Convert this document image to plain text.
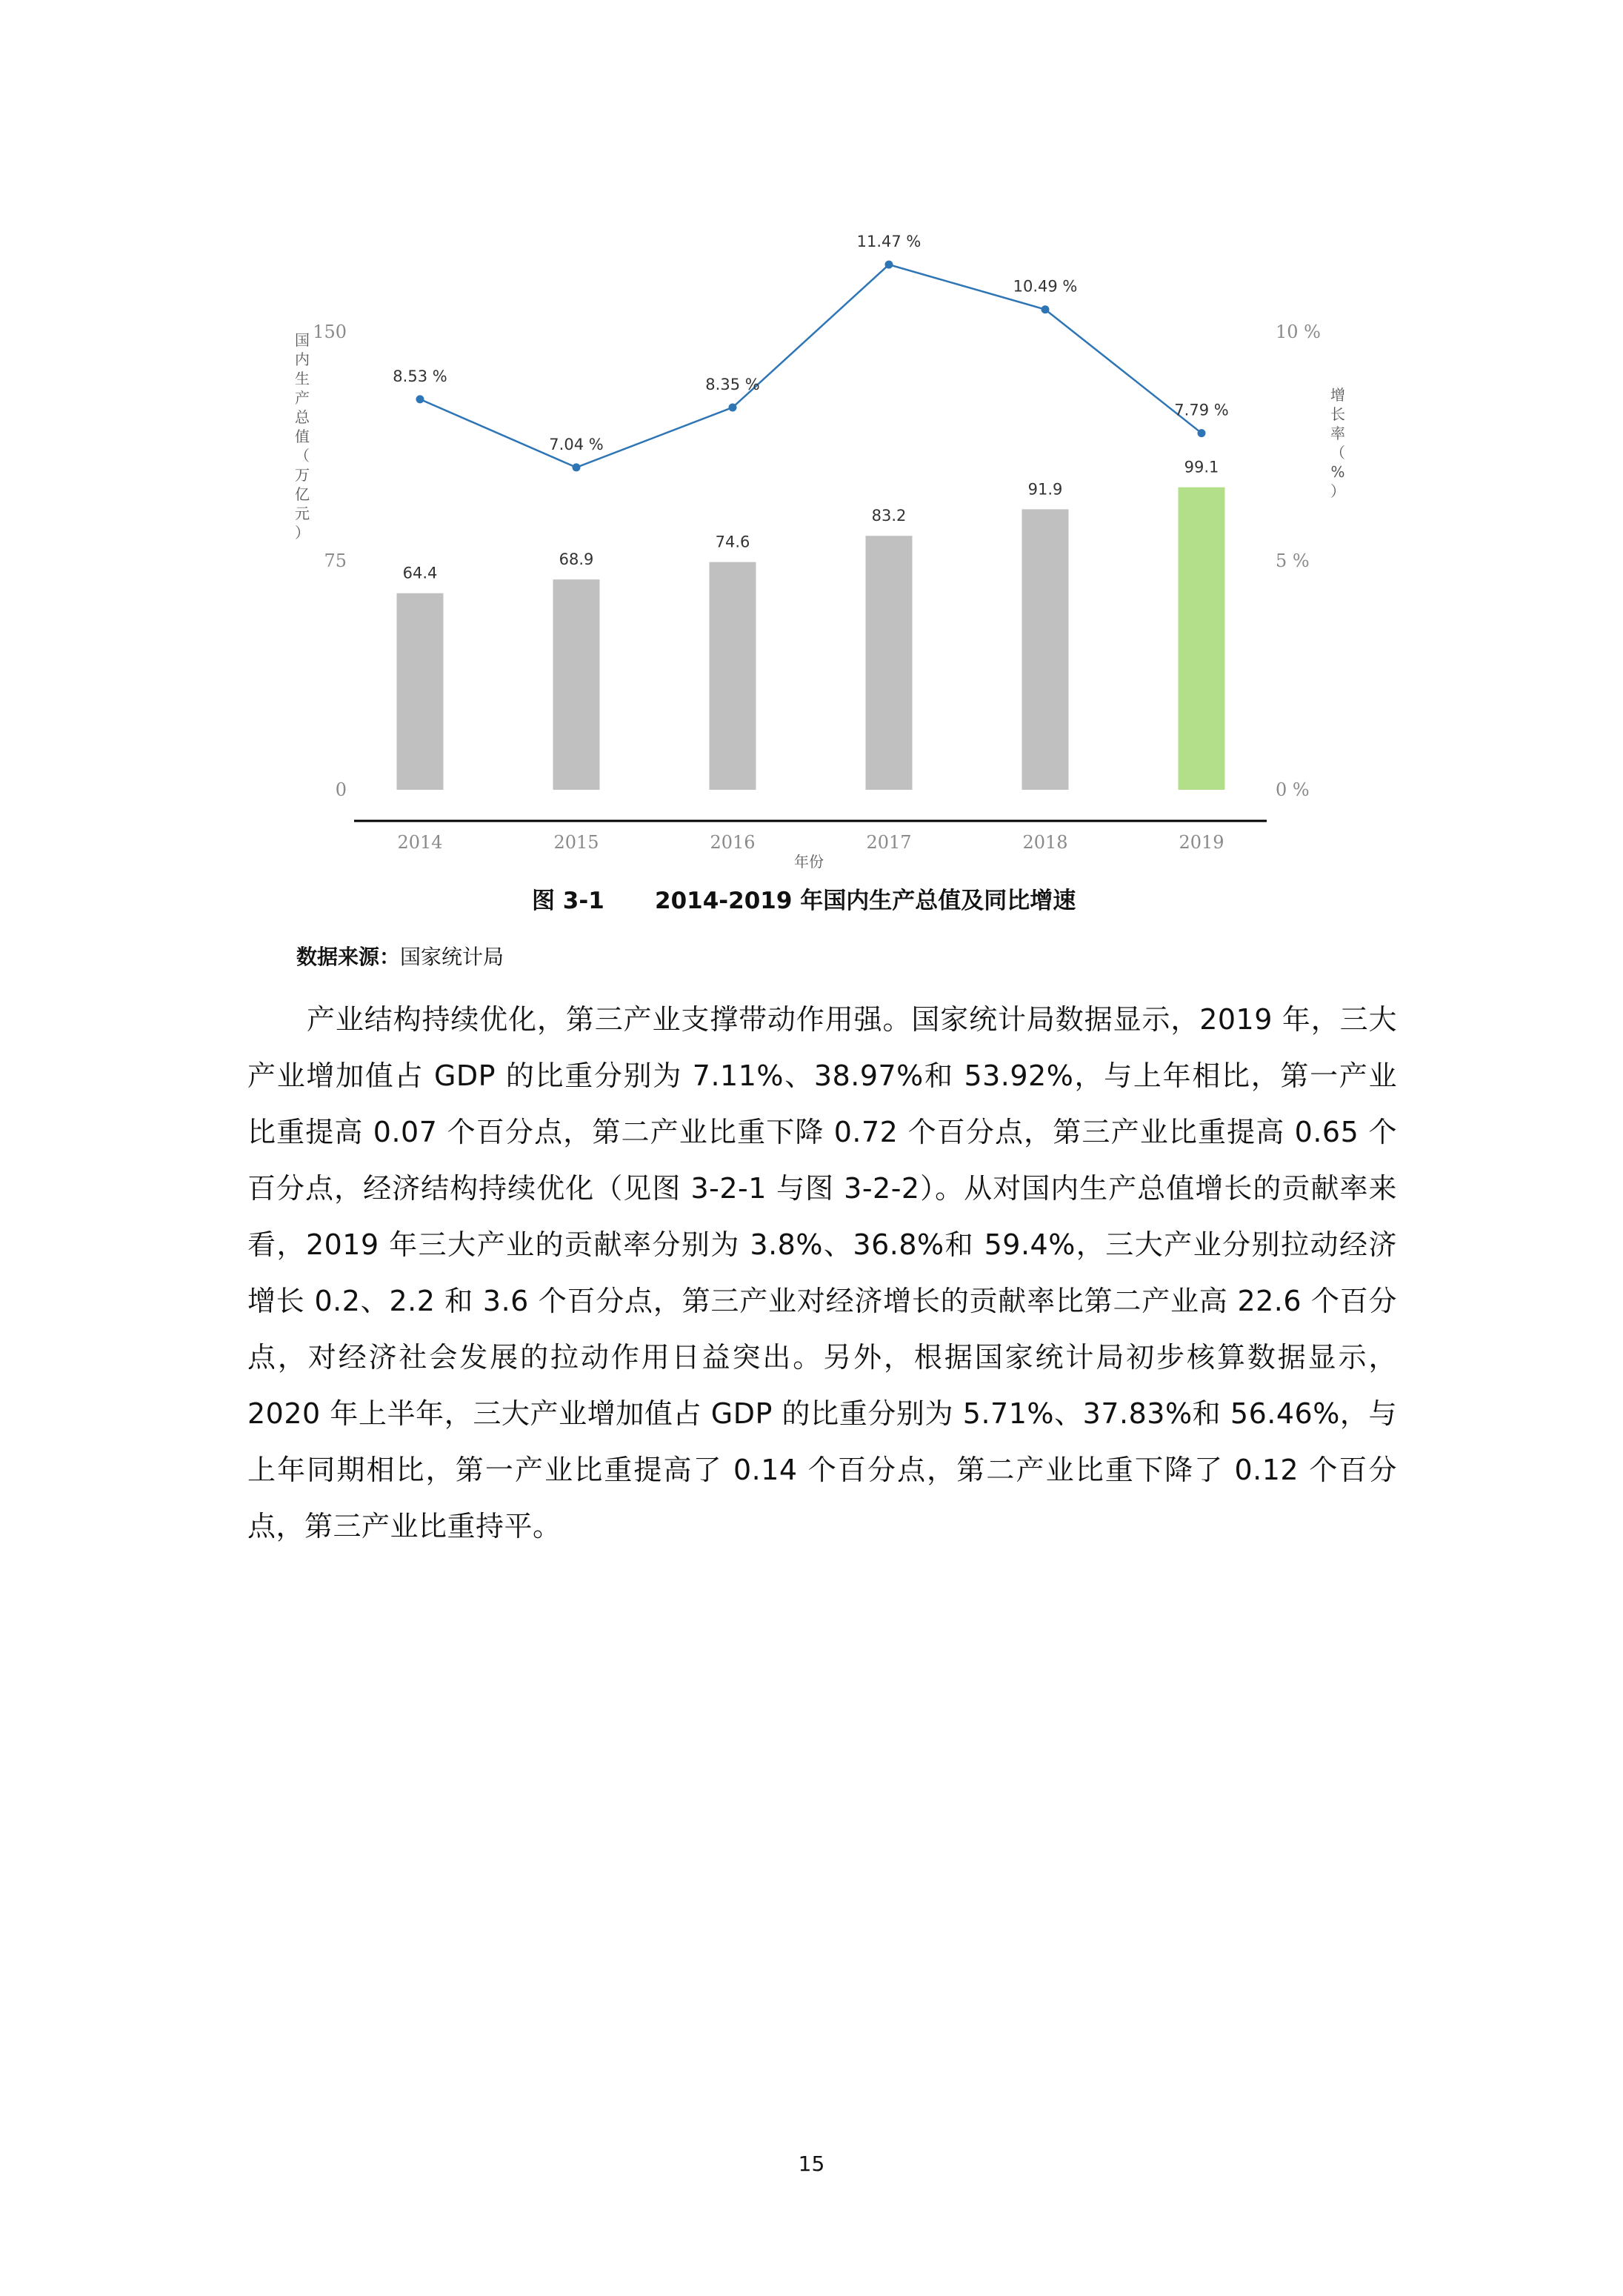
0
75
150
0 %
5 %
10 %
国内生产总值（万亿元）
增长率（%）
64.4
68.9
74.6
83.2
91.9
99.1
8.53 %
7.04 %
8.35 %
11.47 %
10.49 %
7.79 %
2014	2015	2016	2017	2018	2019
年份
图 3-1 2014-2019 年国内生产总值及同比增速
数据来源：国家统计局
产业结构持续优化，第三产业支撑带动作用强。国家统计局数据显示，2019 年，三大产业增加值占 GDP 的比重分别为 7.11%、38.97%和 53.92%，与上年相比，第一产业比重提高 0.07 个百分点，第二产业比重下降 0.72 个百分点，第三产业比重提高 0.65 个百分点，经济结构持续优化（见图 3-2-1 与图 3-2-2）。从对国内生产总值增长的贡献率来看，2019 年三大产业的贡献率分别为 3.8%、36.8%和 59.4%，三大产业分别拉动经济增长 0.2、2.2 和 3.6 个百分点，第三产业对经济增长的贡献率比第二产业高 22.6 个百分点，对经济社会发展的拉动作用日益突出。另外，根据国家统计局初步核算数据显示，2020 年上半年，三大产业增加值占 GDP 的比重分别为 5.71%、37.83%和 56.46%，与上年同期相比，第一产业比重提高了 0.14 个百分点，第二产业比重下降了 0.12 个百分点，第三产业比重持平。
15
